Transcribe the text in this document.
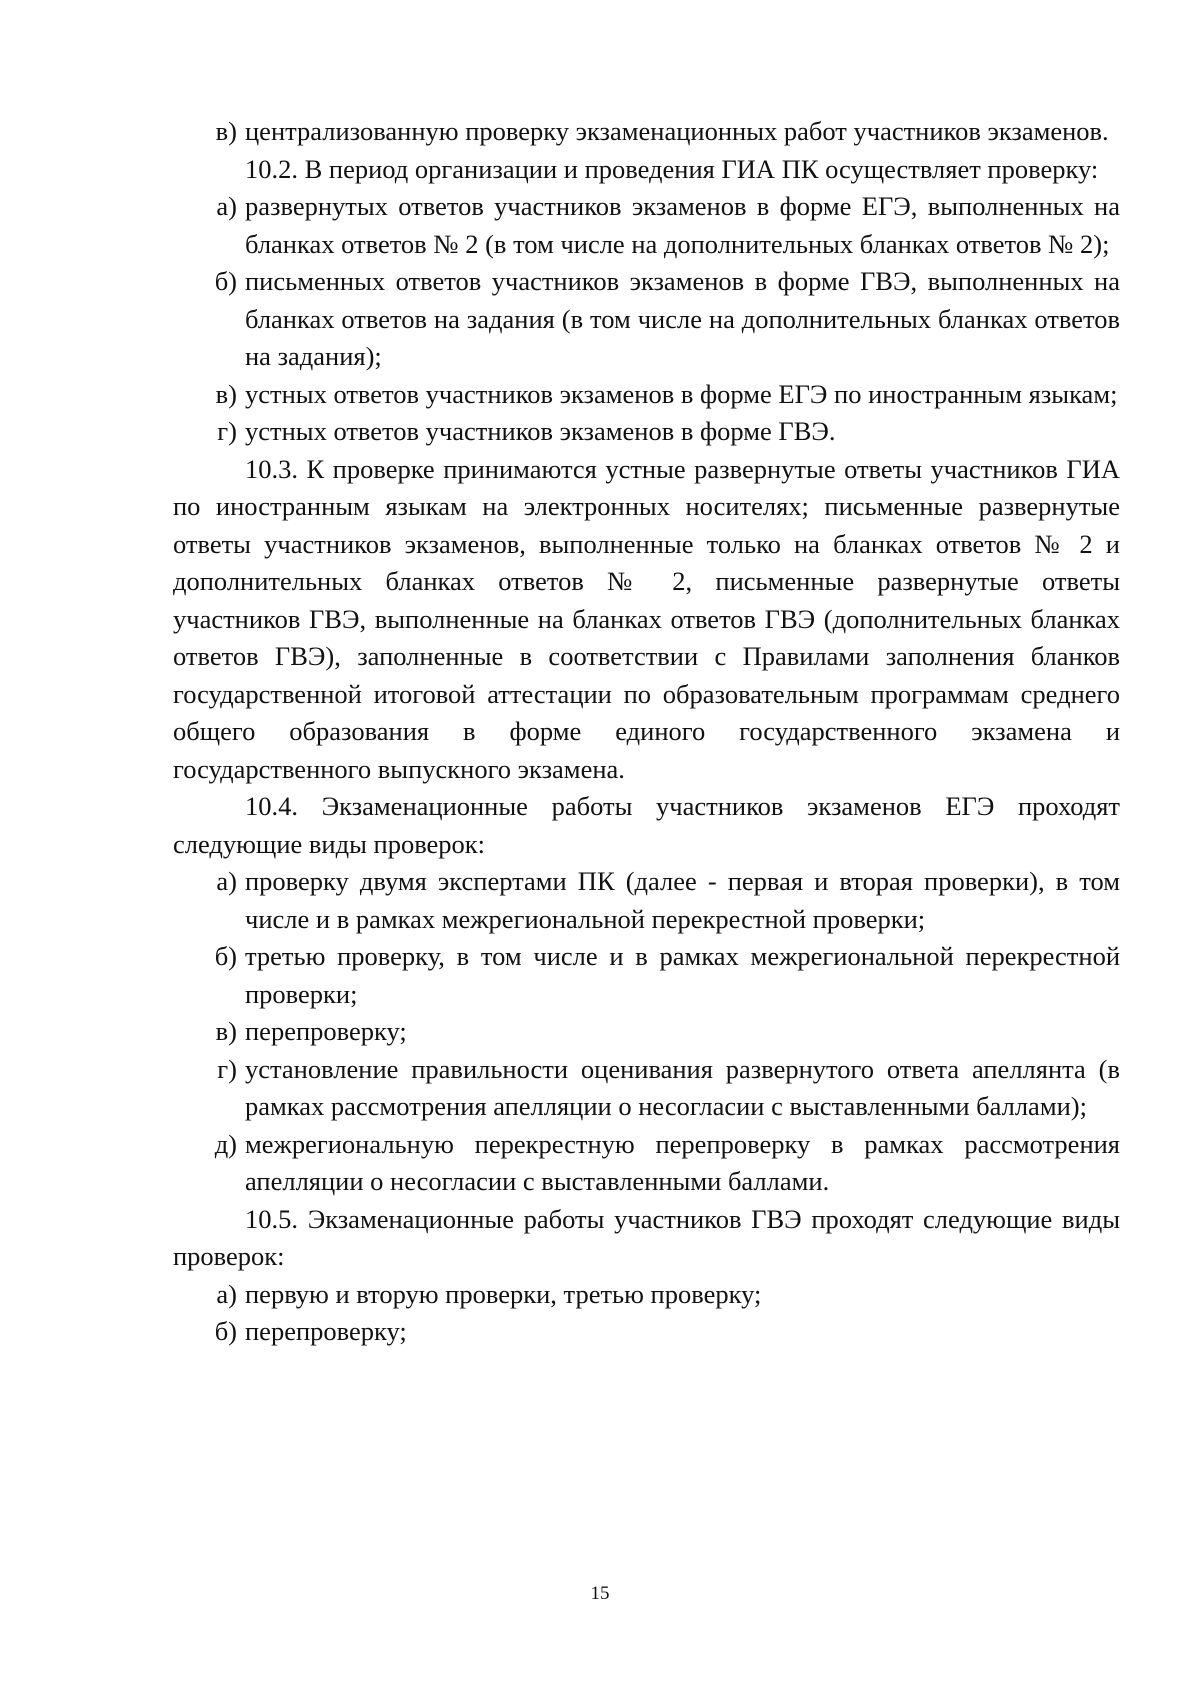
в) централизованную проверку экзаменационных работ участников экзаменов.
10.2. В период организации и проведения ГИА ПК осуществляет проверку:
а) развернутых ответов участников экзаменов в форме ЕГЭ, выполненных на бланках ответов № 2 (в том числе на дополнительных бланках ответов № 2);
б) письменных ответов участников экзаменов в форме ГВЭ, выполненных на бланках ответов на задания (в том числе на дополнительных бланках ответов на задания);
в) устных ответов участников экзаменов в форме ЕГЭ по иностранным языкам;
г) устных ответов участников экзаменов в форме ГВЭ.
10.3. К проверке принимаются устные развернутые ответы участников ГИА по иностранным языкам на электронных носителях; письменные развернутые ответы участников экзаменов, выполненные только на бланках ответов № 2 и дополнительных бланках ответов № 2, письменные развернутые ответы участников ГВЭ, выполненные на бланках ответов ГВЭ (дополнительных бланках ответов ГВЭ), заполненные в соответствии с Правилами заполнения бланков государственной итоговой аттестации по образовательным программам среднего общего образования в форме единого государственного экзамена и государственного выпускного экзамена.
10.4. Экзаменационные работы участников экзаменов ЕГЭ проходят следующие виды проверок:
а) проверку двумя экспертами ПК (далее - первая и вторая проверки), в том числе и в рамках межрегиональной перекрестной проверки;
б) третью проверку, в том числе и в рамках межрегиональной перекрестной проверки;
в) перепроверку;
г) установление правильности оценивания развернутого ответа апеллянта (в рамках рассмотрения апелляции о несогласии с выставленными баллами);
д) межрегиональную перекрестную перепроверку в рамках рассмотрения апелляции о несогласии с выставленными баллами.
10.5. Экзаменационные работы участников ГВЭ проходят следующие виды проверок:
а) первую и вторую проверки, третью проверку;
б) перепроверку;
15
